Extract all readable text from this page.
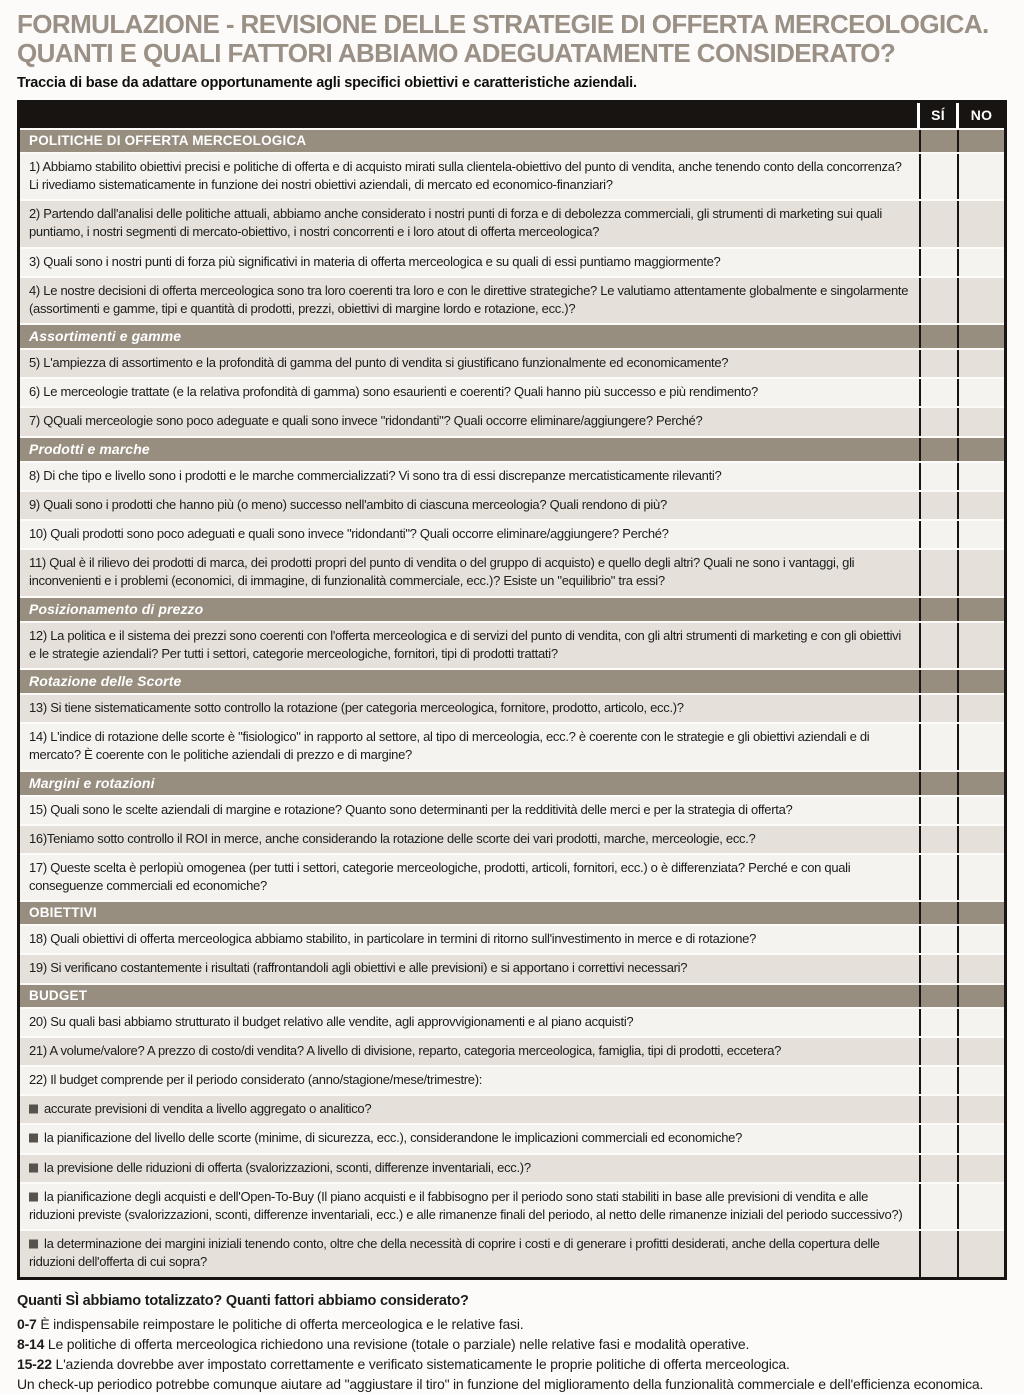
FORMULAZIONE - REVISIONE DELLE STRATEGIE DI OFFERTA MERCEOLOGICA.
QUANTI E QUALI FATTORI ABBIAMO ADEGUATAMENTE CONSIDERATO?

Traccia di base da adattare opportunamente agli specifici obiettivi e caratteristiche aziendali.

SÍ	NO
POLITICHE DI OFFERTA MERCEOLOGICA
1) Abbiamo stabilito obiettivi precisi e politiche di offerta e di acquisto mirati sulla clientela-obiettivo del punto di vendita, anche tenendo conto della concorrenza? Li rivediamo sistematicamente in funzione dei nostri obiettivi aziendali, di mercato ed economico-finanziari?
2) Partendo dall'analisi delle politiche attuali, abbiamo anche considerato i nostri punti di forza e di debolezza commerciali, gli strumenti di marketing sui quali puntiamo, i nostri segmenti di mercato-obiettivo, i nostri concorrenti e i loro atout di offerta merceologica?
3) Quali sono i nostri punti di forza più significativi in materia di offerta merceologica e su quali di essi puntiamo maggiormente?
4) Le nostre decisioni di offerta merceologica sono tra loro coerenti tra loro e con le direttive strategiche? Le valutiamo attentamente globalmente e singolarmente (assortimenti e gamme, tipi e quantità di prodotti, prezzi, obiettivi di margine lordo e rotazione, ecc.)?
Assortimenti e gamme
5) L'ampiezza di assortimento e la profondità di gamma del punto di vendita si giustificano funzionalmente ed economicamente?
6) Le merceologie trattate (e la relativa profondità di gamma) sono esaurienti e coerenti? Quali hanno più successo e più rendimento?
7) QQuali merceologie sono poco adeguate e quali sono invece "ridondanti"? Quali occorre eliminare/aggiungere? Perché?
Prodotti e marche
8) Di che tipo e livello sono i prodotti e le marche commercializzati? Vi sono tra di essi discrepanze mercatisticamente rilevanti?
9) Quali sono i prodotti che hanno più (o meno) successo nell'ambito di ciascuna merceologia? Quali rendono di più?
10) Quali prodotti sono poco adeguati e quali sono invece "ridondanti"? Quali occorre eliminare/aggiungere? Perché?
11) Qual è il rilievo dei prodotti di marca, dei prodotti propri del punto di vendita o del gruppo di acquisto) e quello degli altri? Quali ne sono i vantaggi, gli inconvenienti e i problemi (economici, di immagine, di funzionalità commerciale, ecc.)? Esiste un "equilibrio" tra essi?
Posizionamento di prezzo
12) La politica e il sistema dei prezzi sono coerenti con l'offerta merceologica e di servizi del punto di vendita, con gli altri strumenti di marketing e con gli obiettivi e le strategie aziendali? Per tutti i settori, categorie merceologiche, fornitori, tipi di prodotti trattati?
Rotazione delle Scorte
13) Si tiene sistematicamente sotto controllo la rotazione (per categoria merceologica, fornitore, prodotto, articolo, ecc.)?
14) L'indice di rotazione delle scorte è "fisiologico" in rapporto al settore, al tipo di merceologia, ecc.? è coerente con le strategie e gli obiettivi aziendali e di mercato? È coerente con le politiche aziendali di prezzo e di margine?
Margini e rotazioni
15) Quali sono le scelte aziendali di margine e rotazione? Quanto sono determinanti per la redditività delle merci e per la strategia di offerta?
16)Teniamo sotto controllo il ROI in merce, anche considerando la rotazione delle scorte dei vari prodotti, marche, merceologie, ecc.?
17) Queste scelta è perlopiù omogenea (per tutti i settori, categorie merceologiche, prodotti, articoli, fornitori, ecc.) o è differenziata? Perché e con quali conseguenze commerciali ed economiche?
OBIETTIVI
18) Quali obiettivi di offerta merceologica abbiamo stabilito, in particolare in termini di ritorno sull'investimento in merce e di rotazione?
19) Si verificano costantemente i risultati (raffrontandoli agli obiettivi e alle previsioni) e si apportano i correttivi necessari?
BUDGET
20) Su quali basi abbiamo strutturato il budget relativo alle vendite, agli approvvigionamenti e al piano acquisti?
21) A volume/valore? A prezzo di costo/di vendita? A livello di divisione, reparto, categoria merceologica, famiglia, tipi di prodotti, eccetera?
22) Il budget comprende per il periodo considerato (anno/stagione/mese/trimestre):
accurate previsioni di vendita a livello aggregato o analitico?
la pianificazione del livello delle scorte (minime, di sicurezza, ecc.), considerandone le implicazioni commerciali ed economiche?
la previsione delle riduzioni di offerta (svalorizzazioni, sconti, differenze inventariali, ecc.)?
la pianificazione degli acquisti e dell'Open-To-Buy (Il piano acquisti e il fabbisogno per il periodo sono stati stabiliti in base alle previsioni di vendita e alle riduzioni previste (svalorizzazioni, sconti, differenze inventariali, ecc.) e alle rimanenze finali del periodo, al netto delle rimanenze iniziali del periodo successivo?)
la determinazione dei margini iniziali tenendo conto, oltre che della necessità di coprire i costi e di generare i profitti desiderati, anche della copertura delle riduzioni dell'offerta di cui sopra?

Quanti SÌ abbiamo totalizzato? Quanti fattori abbiamo considerato?

0-7 È indispensabile reimpostare le politiche di offerta merceologica e le relative fasi.

8-14 Le politiche di offerta merceologica richiedono una revisione (totale o parziale) nelle relative fasi e modalità operative.

15-22 L'azienda dovrebbe aver impostato correttamente e verificato sistematicamente le proprie politiche di offerta merceologica.

Un check-up periodico potrebbe comunque aiutare ad "aggiustare il tiro" in funzione del miglioramento della funzionalità commerciale e dell'efficienza economica.
